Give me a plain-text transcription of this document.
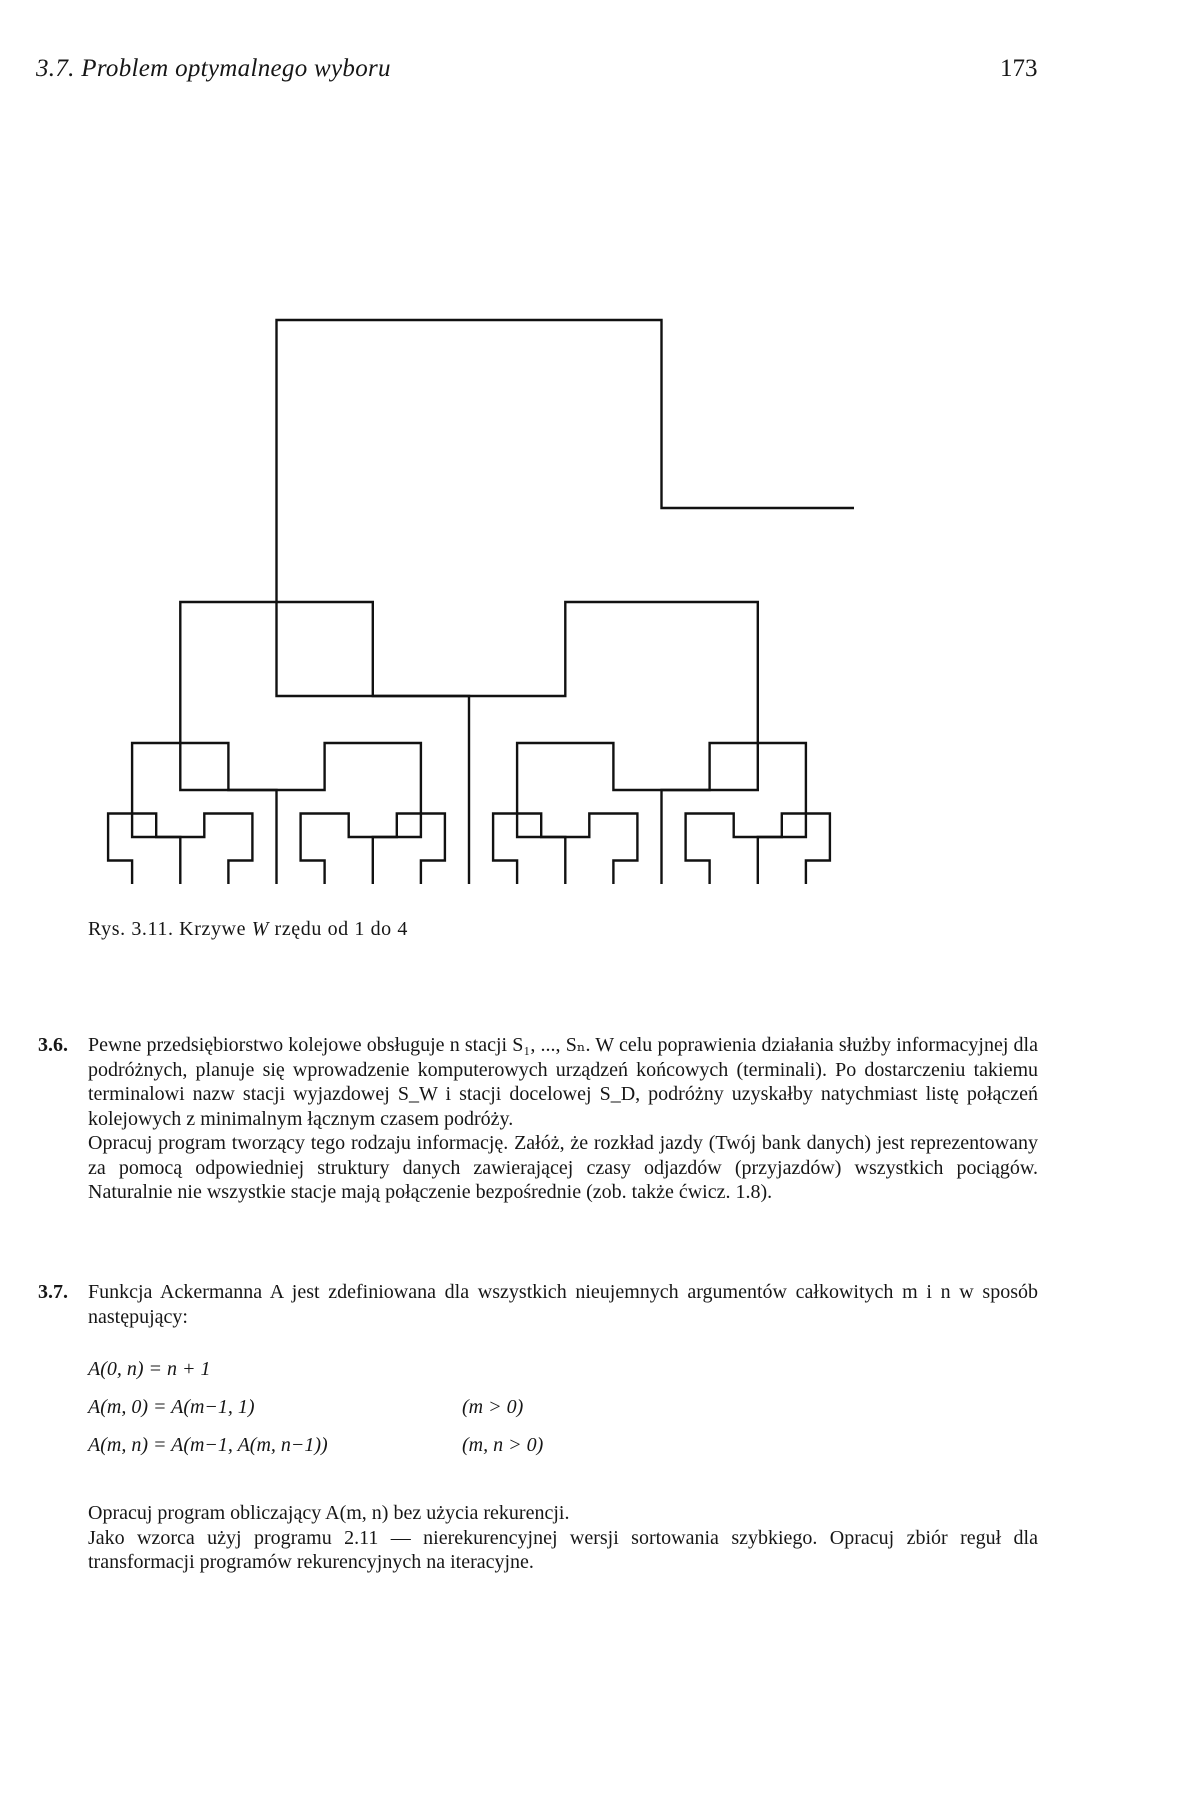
3.7. Problem optymalnego wyboru	173
Rys. 3.11. Krzywe W rzędu od 1 do 4
3.6. Pewne przedsiębiorstwo kolejowe obsługuje n stacji S₁, ..., Sₙ. W celu poprawienia działania służby informacyjnej dla podróżnych, planuje się wprowadzenie komputerowych urządzeń końcowych (terminali). Po dostarczeniu takiemu terminalowi nazw stacji wyjazdowej S_W i stacji docelowej S_D, podróżny uzyskałby natychmiast listę połączeń kolejowych z minimalnym łącznym czasem podróży.

Opracuj program tworzący tego rodzaju informację. Załóż, że rozkład jazdy (Twój bank danych) jest reprezentowany za pomocą odpowiedniej struktury danych zawierającej czasy odjazdów (przyjazdów) wszystkich pociągów. Naturalnie nie wszystkie stacje mają połączenie bezpośrednie (zob. także ćwicz. 1.8).

3.7. Funkcja Ackermanna A jest zdefiniowana dla wszystkich nieujemnych argumentów całkowitych m i n w sposób następujący:

A(0, n) = n + 1
A(m, 0) = A(m−1, 1)	(m > 0)
A(m, n) = A(m−1, A(m, n−1))	(m, n > 0)

Opracuj program obliczający A(m, n) bez użycia rekurencji.

Jako wzorca użyj programu 2.11 — nierekurencyjnej wersji sortowania szybkiego. Opracuj zbiór reguł dla transformacji programów rekurencyjnych na iteracyjne.
